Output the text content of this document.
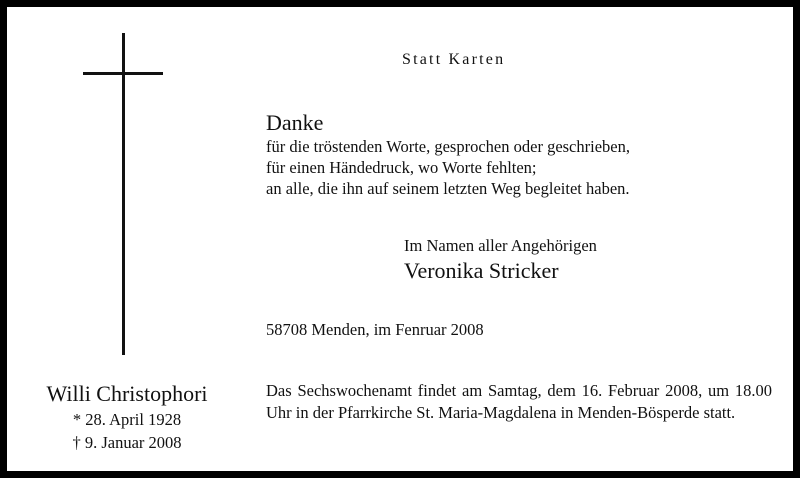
Statt Karten
Danke
für die tröstenden Worte, gesprochen oder geschrieben,
für einen Händedruck, wo Worte fehlten;
an alle, die ihn auf seinem letzten Weg begleitet haben.
Im Namen aller Angehörigen
Veronika Stricker
58708 Menden, im Fenruar 2008
Das Sechswochenamt findet am Samtag, dem 16. Februar 2008, um 18.00 Uhr in der Pfarrkirche St. Maria-Magdalena in Menden-Bösperde statt.
Willi Christophori
* 28. April 1928
† 9. Januar 2008
